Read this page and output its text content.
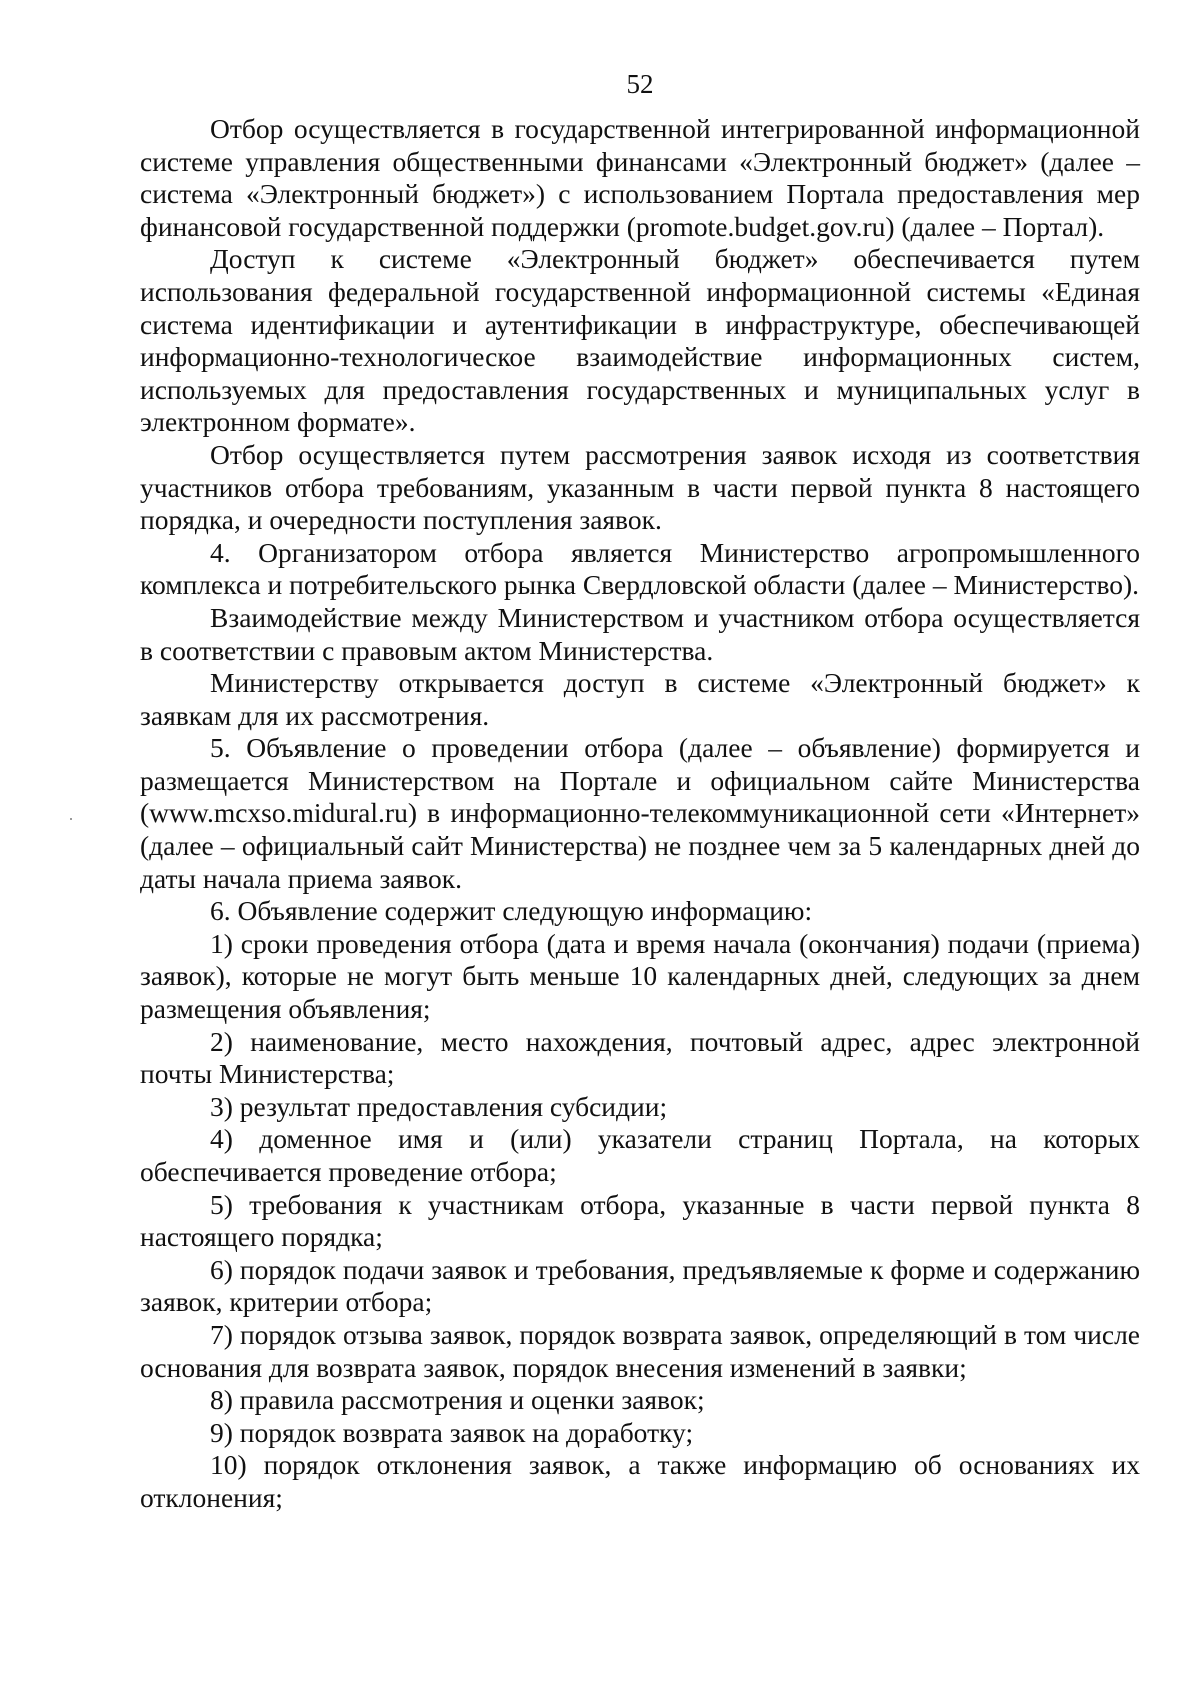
52

Отбор осуществляется в государственной интегрированной информационной системе управления общественными финансами «Электронный бюджет» (далее – система «Электронный бюджет») с использованием Портала предоставления мер финансовой государственной поддержки (promote.budget.gov.ru) (далее – Портал).

Доступ к системе «Электронный бюджет» обеспечивается путем использования федеральной государственной информационной системы «Единая система идентификации и аутентификации в инфраструктуре, обеспечивающей информационно-технологическое взаимодействие информационных систем, используемых для предоставления государственных и муниципальных услуг в электронном формате».

Отбор осуществляется путем рассмотрения заявок исходя из соответствия участников отбора требованиям, указанным в части первой пункта 8 настоящего порядка, и очередности поступления заявок.

4. Организатором отбора является Министерство агропромышленного комплекса и потребительского рынка Свердловской области (далее – Министерство).

Взаимодействие между Министерством и участником отбора осуществляется в соответствии с правовым актом Министерства.

Министерству открывается доступ в системе «Электронный бюджет» к заявкам для их рассмотрения.

5. Объявление о проведении отбора (далее – объявление) формируется и размещается Министерством на Портале и официальном сайте Министерства (www.mcxso.midural.ru) в информационно-телекоммуникационной сети «Интернет» (далее – официальный сайт Министерства) не позднее чем за 5 календарных дней до даты начала приема заявок.

6. Объявление содержит следующую информацию:

1) сроки проведения отбора (дата и время начала (окончания) подачи (приема) заявок), которые не могут быть меньше 10 календарных дней, следующих за днем размещения объявления;

2) наименование, место нахождения, почтовый адрес, адрес электронной почты Министерства;

3) результат предоставления субсидии;

4) доменное имя и (или) указатели страниц Портала, на которых обеспечивается проведение отбора;

5) требования к участникам отбора, указанные в части первой пункта 8 настоящего порядка;

6) порядок подачи заявок и требования, предъявляемые к форме и содержанию заявок, критерии отбора;

7) порядок отзыва заявок, порядок возврата заявок, определяющий в том числе основания для возврата заявок, порядок внесения изменений в заявки;

8) правила рассмотрения и оценки заявок;

9) порядок возврата заявок на доработку;

10) порядок отклонения заявок, а также информацию об основаниях их отклонения;
